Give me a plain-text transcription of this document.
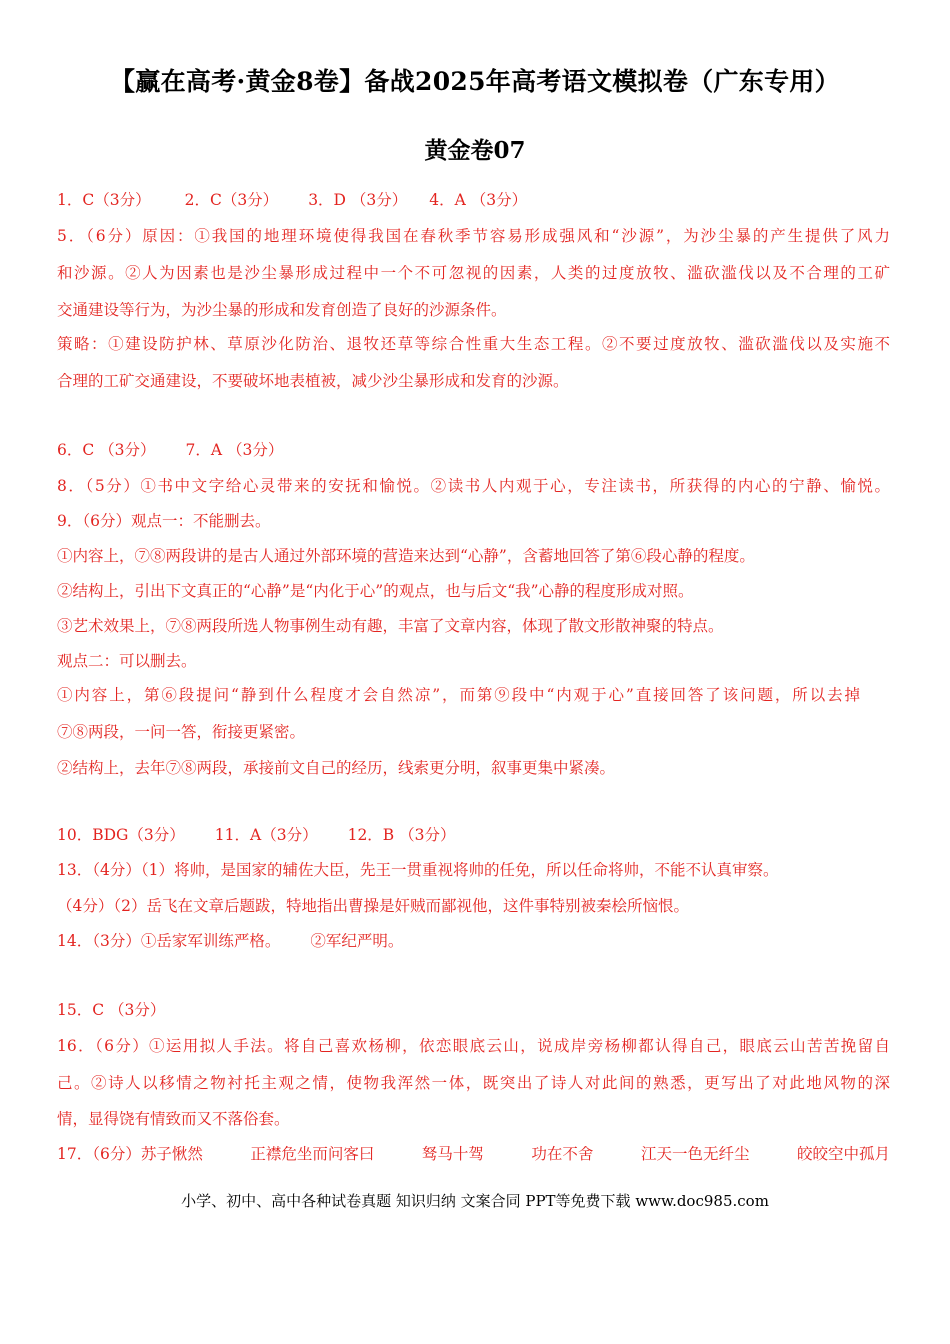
【赢在高考·黄金8卷】备战2025年高考语文模拟卷（广东专用）
黄金卷07
1．C（3分） 2．C（3分） 3．D （3分） 4．A （3分）
5．（6分）原因：①我国的地理环境使得我国在春秋季节容易形成强风和“沙源”，为沙尘暴的产生提供了风力
和沙源。②人为因素也是沙尘暴形成过程中一个不可忽视的因素，人类的过度放牧、滥砍滥伐以及不合理的工矿
交通建设等行为，为沙尘暴的形成和发育创造了良好的沙源条件。
策略：①建设防护林、草原沙化防治、退牧还草等综合性重大生态工程。②不要过度放牧、滥砍滥伐以及实施不
合理的工矿交通建设，不要破坏地表植被，减少沙尘暴形成和发育的沙源。
6．C （3分） 7．A （3分）
8．（5分）①书中文字给心灵带来的安抚和愉悦。②读书人内观于心，专注读书，所获得的内心的宁静、愉悦。
9．（6分）观点一：不能删去。
①内容上，⑦⑧两段讲的是古人通过外部环境的营造来达到“心静”，含蓄地回答了第⑥段心静的程度。
②结构上，引出下文真正的“心静”是“内化于心”的观点，也与后文“我”心静的程度形成对照。
③艺术效果上，⑦⑧两段所选人物事例生动有趣，丰富了文章内容，体现了散文形散神聚的特点。
观点二：可以删去。
①内容上，第⑥段提问“静到什么程度才会自然凉”，而第⑨段中“内观于心”直接回答了该问题，所以去掉
⑦⑧两段，一问一答，衔接更紧密。
②结构上，去年⑦⑧两段，承接前文自己的经历，线索更分明，叙事更集中紧凑。
10．BDG（3分） 11．A（3分） 12．B （3分）
13．（4分）（1）将帅，是国家的辅佐大臣，先王一贯重视将帅的任免，所以任命将帅，不能不认真审察。
（4分）（2）岳飞在文章后题跋，特地指出曹操是奸贼而鄙视他，这件事特别被秦桧所恼恨。
14．（3分）①岳家军训练严格。 ②军纪严明。
15．C （3分）
16．（6分）①运用拟人手法。将自己喜欢杨柳，依恋眼底云山，说成岸旁杨柳都认得自己，眼底云山苦苦挽留自
己。②诗人以移情之物衬托主观之情，使物我浑然一体，既突出了诗人对此间的熟悉，更写出了对此地风物的深
情，显得饶有情致而又不落俗套。
17．（6分）苏子愀然	正襟危坐而问客曰	驽马十驾	功在不舍	江天一色无纤尘	皎皎空中孤月
小学、初中、高中各种试卷真题 知识归纳 文案合同 PPT等免费下载 www.doc985.com
